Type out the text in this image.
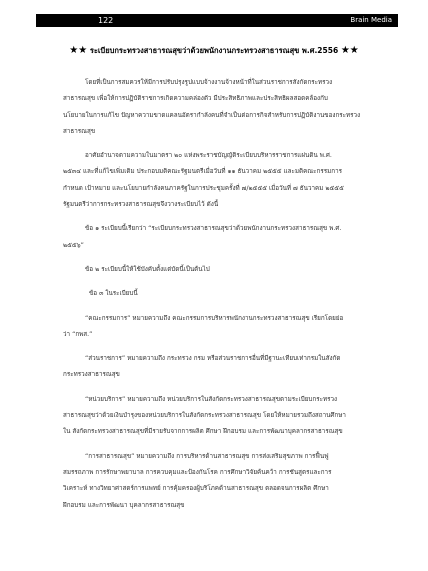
122	Brain Media
★★ ระเบียบกระทรวงสาธารณสุขว่าด้วยพนักงานกระทรวงสาธารณสุข พ.ศ.2556 ★★
โดยที่เป็นการสมควรให้มีการปรับปรุงรูปแบบจ้างงานจ้างหน้าที่ในส่วนราชการสังกัดกระทรวง
สาธารณสุข เพื่อให้การปฏิบัติราชการเกิดความคล่องตัว มีประสิทธิภาพและประสิทธิผลสอดคล้องกับ
นโยบายในการแก้ไข ปัญหาความขาดแคลนอัตรากำลังคนที่จำเป็นต่อการกิจสำหรับการปฏิบัติงานของกระทรวง
สาธารณสุข
อาศัยอำนาจตามความในมาตรา ๒๐ แห่งพระราชบัญญัติระเบียบบริหารราชการแผ่นดิน พ.ศ.
๒๕๓๔ และที่แก้ไขเพิ่มเติม ประกอบมติคณะรัฐมนตรีเมื่อวันที่ ๑๑ ธันวาคม ๒๕๕๕ และมติคณะกรรมการ
กำหนด เป้าหมาย และนโยบายกำลังคนภาครัฐในการประชุมครั้งที่ ๗/๒๕๕๕ เมื่อวันที่ ๗ ธันวาคม ๒๕๕๕
รัฐมนตรีว่าการกระทรวงสาธารณสุขจึงวางระเบียบไว้ ดังนี้
ข้อ ๑ ระเบียบนี้เรียกว่า “ระเบียบกระทรวงสาธารณสุขว่าด้วยพนักงานกระทรวงสาธารณสุข พ.ศ.
๒๕๕๖”
ข้อ ๒ ระเบียบนี้ให้ใช้บังคับตั้งแต่บัดนี้เป็นต้นไป
ข้อ ๓ ในระเบียบนี้
“คณะกรรมการ” หมายความถึง คณะกรรมการบริหารพนักงานกระทรวงสาธารณสุข เรียกโดยย่อ
ว่า “กพส.”
“ส่วนราชการ” หมายความถึง กระทรวง กรม หรือส่วนราชการอื่นที่มีฐานะเทียบเท่ากรมในสังกัด
กระทรวงสาธารณสุข
“หน่วยบริการ” หมายความถึง หน่วยบริการในสังกัดกระทรวงสาธารณสุขตามระเบียบกระทรวง
สาธารณสุขว่าด้วยเงินบำรุงของหน่วยบริการในสังกัดกระทรวงสาธารณสุข โดยให้หมายรวมถึงสถานศึกษา
ใน สังกัดกระทรวงสาธารณสุขที่มีรายรับจากการผลิต ศึกษา ฝึกอบรม และการพัฒนาบุคลากรสาธารณสุข
“การสาธารณสุข” หมายความถึง การบริหารด้านสาธารณสุข การส่งเสริมสุขภาพ การฟื้นฟู
สมรรถภาพ การรักษาพยาบาล การควบคุมและป้องกันโรค การศึกษาวิจัยค้นคว้า การชันสูตรและการ
วิเคราะห์ ทางวิทยาศาสตร์การแพทย์ การคุ้มครองผู้บริโภคด้านสาธารณสุข ตลอดจนการผลิต ศึกษา
ฝึกอบรม และการพัฒนา บุคลากรสาธารณสุข
